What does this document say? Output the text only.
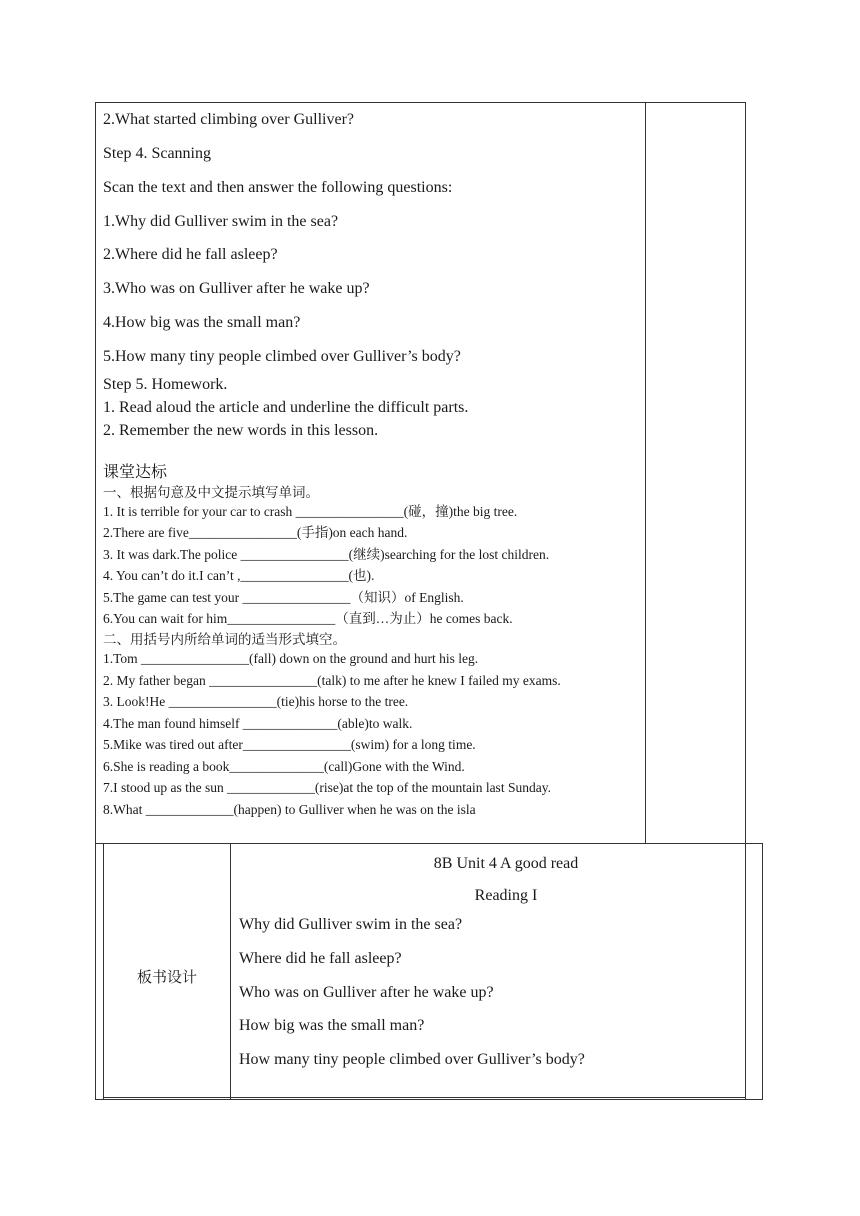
2.What started climbing over Gulliver?
Step 4. Scanning
Scan the text and then answer the following questions:
1.Why did Gulliver swim in the sea?
2.Where did he fall asleep?
3.Who was on Gulliver after he wake up?
4.How big was the small man?
5.How many tiny people climbed over Gulliver’s body?
Step 5. Homework.
1. Read aloud the article and underline the difficult parts.
2. Remember the new words in this lesson.
课堂达标
一、根据句意及中文提示填写单词。
1. It is terrible for your car to crash ________________(碰，撞)the big tree.
2.There are five________________(手指)on each hand.
3. It was dark.The police ________________(继续)searching for the lost children.
4. You can’t do it.I can’t ,________________(也).
5.The game can test your ________________（知识）of English.
6.You can wait for him________________（直到…为止）he comes back.
二、用括号内所给单词的适当形式填空。
1.Tom ________________(fall) down on the ground and hurt his leg.
2. My father began ________________(talk) to me after he knew I failed my exams.
3. Look!He ________________(tie)his horse to the tree.
4.The man found himself ______________(able)to walk.
5.Mike was tired out after________________(swim) for a long time.
6.She is reading a book______________(call)Gone with the Wind.
7.I stood up as the sun _____________(rise)at the top of the mountain last Sunday.
8.What _____________(happen) to Gulliver when he was on the isla
板书设计
8B Unit 4 A good read
Reading I
Why did Gulliver swim in the sea?
Where did he fall asleep?
Who was on Gulliver after he wake up?
How big was the small man?
How many tiny people climbed over Gulliver’s body?
